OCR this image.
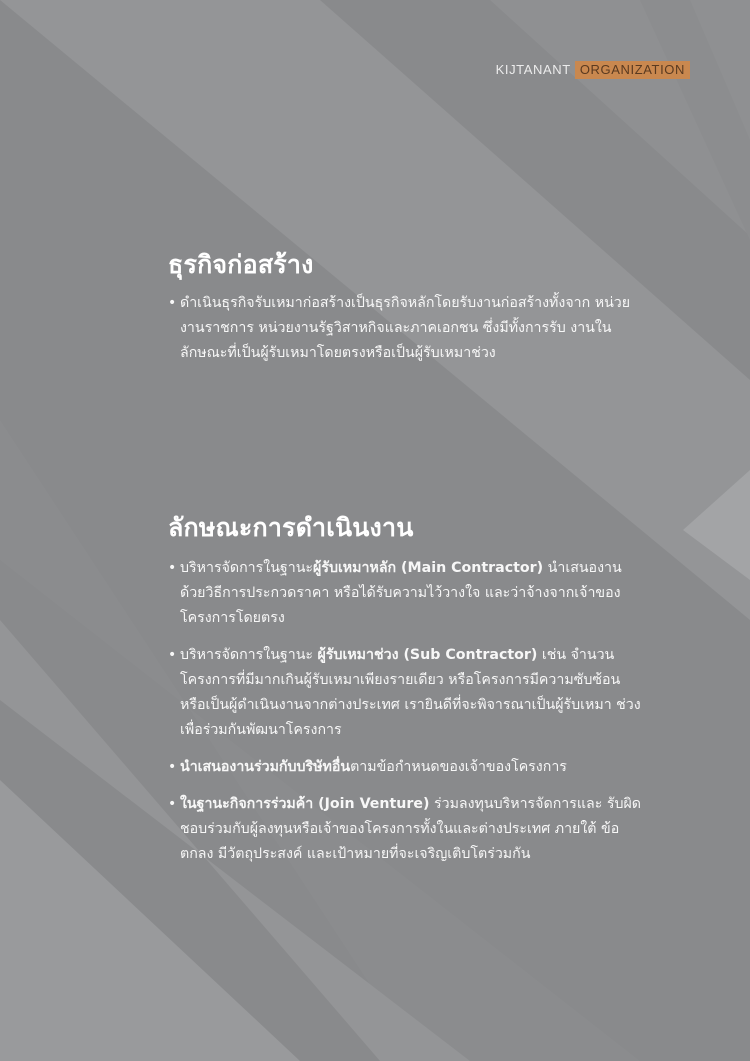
KIJTANANT ORGANIZATION
ธุรกิจก่อสร้าง
• ดำเนินธุรกิจรับเหมาก่อสร้างเป็นธุรกิจหลักโดยรับงานก่อสร้างทั้งจาก หน่วยงานราชการ หน่วยงานรัฐวิสาหกิจและภาคเอกชน ซึ่งมีทั้งการรับ งานในลักษณะที่เป็นผู้รับเหมาโดยตรงหรือเป็นผู้รับเหมาช่วง
ลักษณะการดำเนินงาน
• บริหารจัดการในฐานะผู้รับเหมาหลัก (Main Contractor) นำเสนองาน ด้วยวิธีการประกวดราคา หรือได้รับความไว้วางใจ และว่าจ้างจากเจ้าของ โครงการโดยตรง
• บริหารจัดการในฐานะ ผู้รับเหมาช่วง (Sub Contractor) เช่น จำนวน โครงการที่มีมากเกินผู้รับเหมาเพียงรายเดียว หรือโครงการมีความซับซ้อน หรือเป็นผู้ดำเนินงานจากต่างประเทศ เรายินดีที่จะพิจารณาเป็นผู้รับเหมา ช่วงเพื่อร่วมกันพัฒนาโครงการ
• นำเสนองานร่วมกับบริษัทอื่นตามข้อกำหนดของเจ้าของโครงการ
• ในฐานะกิจการร่วมค้า (Join Venture) ร่วมลงทุนบริหารจัดการและ รับผิดชอบร่วมกับผู้ลงทุนหรือเจ้าของโครงการทั้งในและต่างประเทศ ภายใต้ ข้อตกลง มีวัตถุประสงค์ และเป้าหมายที่จะเจริญเติบโตร่วมกัน
